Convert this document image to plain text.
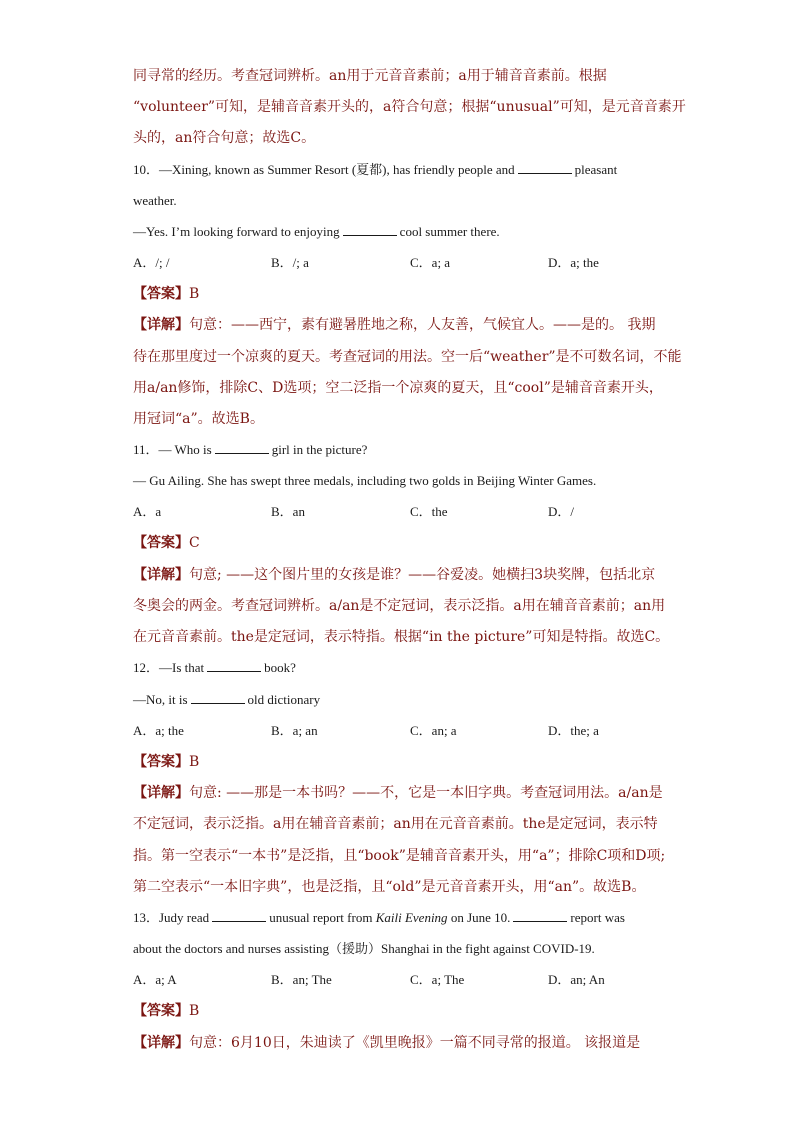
同寻常的经历。考查冠词辨析。an用于元音音素前；a用于辅音音素前。根据
“volunteer”可知，是辅音音素开头的，a符合句意；根据“unusual”可知，是元音音素开
头的，an符合句意；故选C。
10．—Xining, known as Summer Resort (夏都), has friendly people and	pleasant
weather.
—Yes. I’m looking forward to enjoying	cool summer there.
A．/; /	B．/; a	C．a; a	D．a; the
【答案】B
【详解】句意：——西宁，素有避暑胜地之称，人友善，气候宜人。——是的。 我期
待在那里度过一个凉爽的夏天。考查冠词的用法。空一后“weather”是不可数名词，不能
用a/an修饰，排除C、D选项；空二泛指一个凉爽的夏天，且“cool”是辅音音素开头，
用冠词“a”。故选B。
11．— Who is	girl in the picture?
— Gu Ailing. She has swept three medals, including two golds in Beijing Winter Games.
A．a	B．an	C．the	D．/
【答案】C
【详解】句意; ——这个图片里的女孩是谁？——谷爱凌。她横扫3块奖牌，包括北京
冬奥会的两金。考查冠词辨析。a/an是不定冠词，表示泛指。a用在辅音音素前；an用
在元音音素前。the是定冠词，表示特指。根据“in the picture”可知是特指。故选C。
12．—Is that	book?
—No, it is	old dictionary
A．a; the	B．a; an	C．an; a	D．the; a
【答案】B
【详解】句意: ——那是一本书吗？——不，它是一本旧字典。考查冠词用法。a/an是
不定冠词，表示泛指。a用在辅音音素前；an用在元音音素前。the是定冠词，表示特
指。第一空表示“一本书”是泛指，且“book”是辅音音素开头，用“a”；排除C项和D项;
第二空表示“一本旧字典”，也是泛指，且“old”是元音音素开头，用“an”。故选B。
13．Judy read	unusual report from Kaili Evening on June 10.	report was
about the doctors and nurses assisting（援助）Shanghai in the fight against COVID-19.
A．a; A	B．an; The	C．a; The	D．an; An
【答案】B
【详解】句意：6月10日，朱迪读了《凯里晚报》一篇不同寻常的报道。 该报道是
